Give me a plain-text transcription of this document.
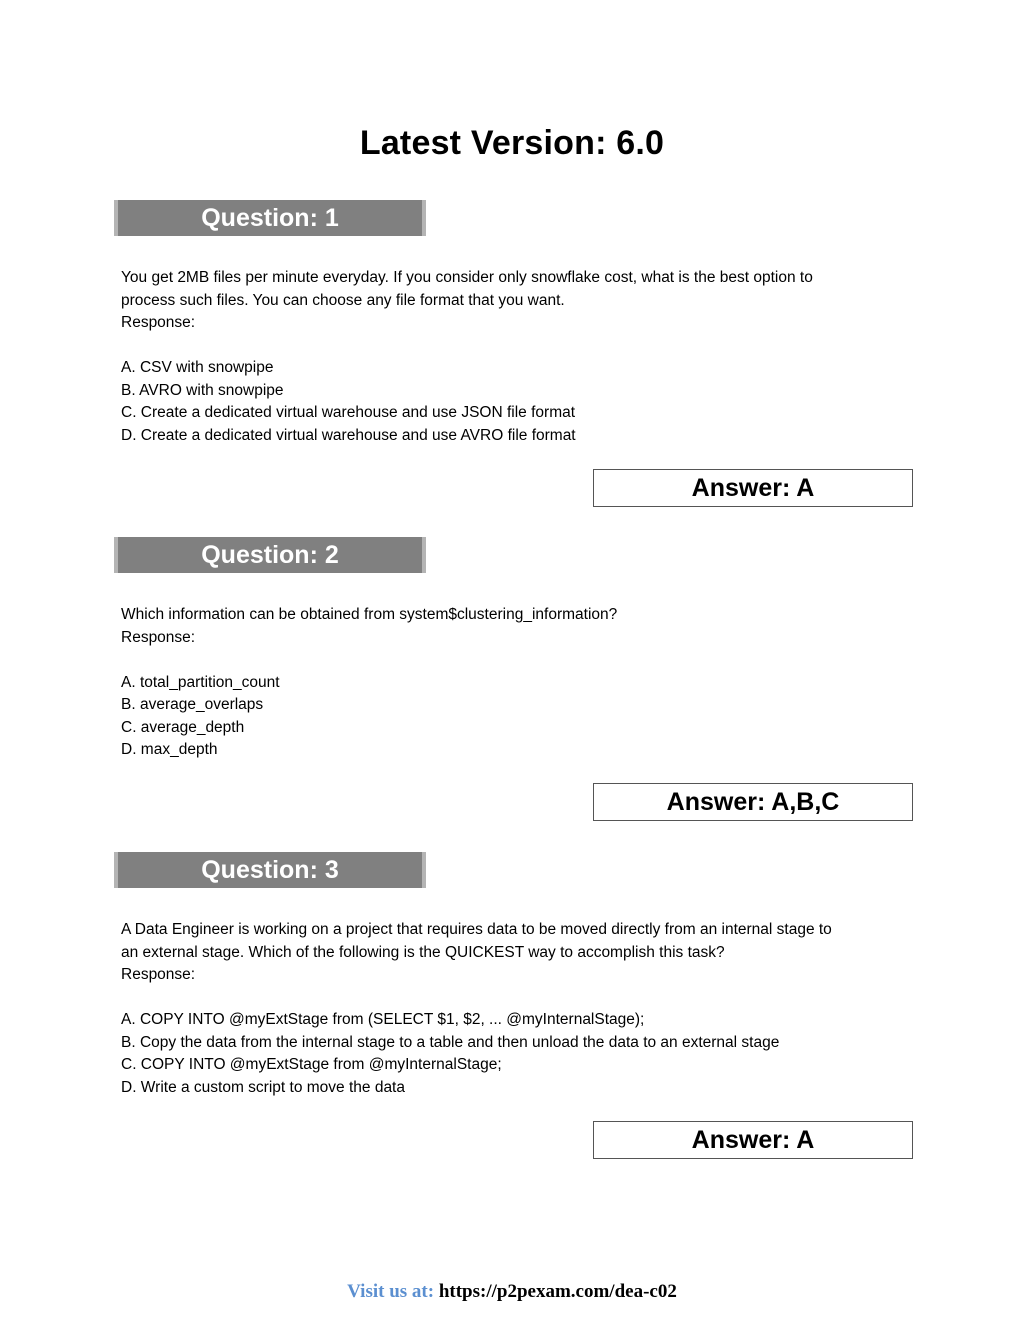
Latest Version: 6.0
Question: 1

You get 2MB files per minute everyday. If you consider only snowflake cost, what is the best option to

process such files. You can choose any file format that you want.

Response:

A. CSV with snowpipe

B. AVRO with snowpipe

C. Create a dedicated virtual warehouse and use JSON file format

D. Create a dedicated virtual warehouse and use AVRO file format

Answer: A
Question: 2

Which information can be obtained from system$clustering_information?

Response:

A. total_partition_count

B. average_overlaps

C. average_depth

D. max_depth

Answer: A,B,C
Question: 3

A Data Engineer is working on a project that requires data to be moved directly from an internal stage to

an external stage. Which of the following is the QUICKEST way to accomplish this task?

Response:

A. COPY INTO @myExtStage from (SELECT $1, $2, ... @myInternalStage);

B. Copy the data from the internal stage to a table and then unload the data to an external stage

C. COPY INTO @myExtStage from @myInternalStage;

D. Write a custom script to move the data

Answer: A
Visit us at: https://p2pexam.com/dea-c02
